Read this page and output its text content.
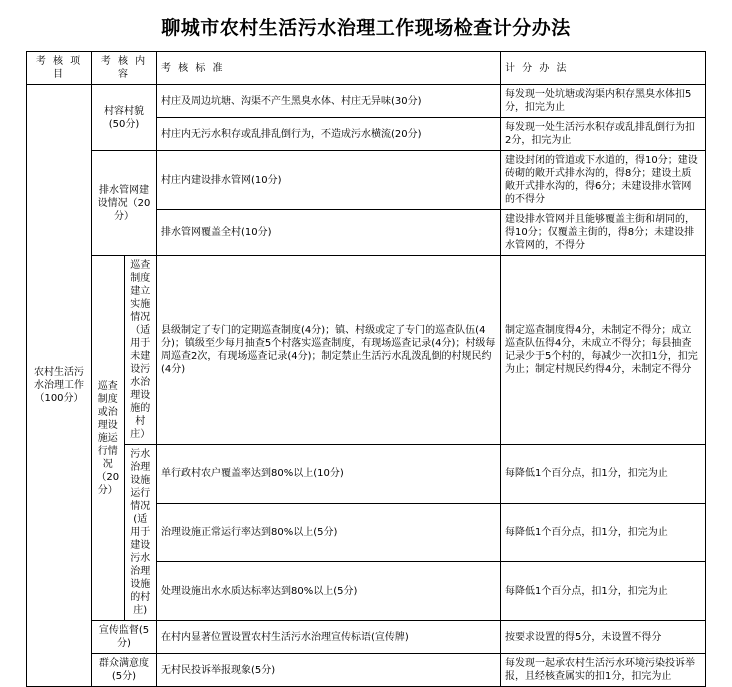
聊城市农村生活污水治理工作现场检查计分办法
考 核 项 目	考 核 内 容		考 核 标 准	计 分 办 法
农村生活污水治理工作（100分）	村容村貌(50分)		村庄及周边坑塘、沟渠不产生黑臭水体、村庄无异味(30分)	每发现一处坑塘或沟渠内积存黑臭水体扣5分，扣完为止
			村庄内无污水积存或乱排乱倒行为，不造成污水横流(20分)	每发现一处生活污水积存或乱排乱倒行为扣2分，扣完为止
	排水管网建设情况（20分）		村庄内建设排水管网(10分)	建设封闭的管道或下水道的，得10分；建设砖砌的敞开式排水沟的，得8分；建设土质敞开式排水沟的，得6分；未建设排水管网的不得分
			排水管网覆盖全村(10分)	建设排水管网并且能够覆盖主街和胡同的，得10分；仅覆盖主街的，得8分；未建设排水管网的，不得分
	巡查制度或治理设施运行情况（20分）	巡查制度建立实施情况（适用于未建设污水治理设施的村庄）	县级制定了专门的定期巡查制度(4分)；镇、村级或定了专门的巡查队伍(4分)；镇级至少每月抽查5个村落实巡查制度，有现场巡查记录(4分)；村级每周巡查2次，有现场巡查记录(4分)；制定禁止生活污水乱泼乱倒的村规民约(4分)	制定巡查制度得4分，未制定不得分；成立巡查队伍得4分，未成立不得分；每县抽查记录少于5个村的，每减少一次扣1分，扣完为止；制定村规民约得4分，未制定不得分
		污水治理设施运行情况(适用于建设污水治理设施的村庄)	单行政村农户覆盖率达到80%以上(10分)	每降低1个百分点，扣1分，扣完为止
			治理设施正常运行率达到80%以上(5分)	每降低1个百分点，扣1分，扣完为止
			处理设施出水水质达标率达到80%以上(5分)	每降低1个百分点，扣1分，扣完为止
	宣传监督(5分)		在村内显著位置设置农村生活污水治理宣传标语(宣传牌)	按要求设置的得5分，未设置不得分
	群众满意度(5分)		无村民投诉举报现象(5分)	每发现一起承农村生活污水环境污染投诉举报，且经核查属实的扣1分，扣完为止
